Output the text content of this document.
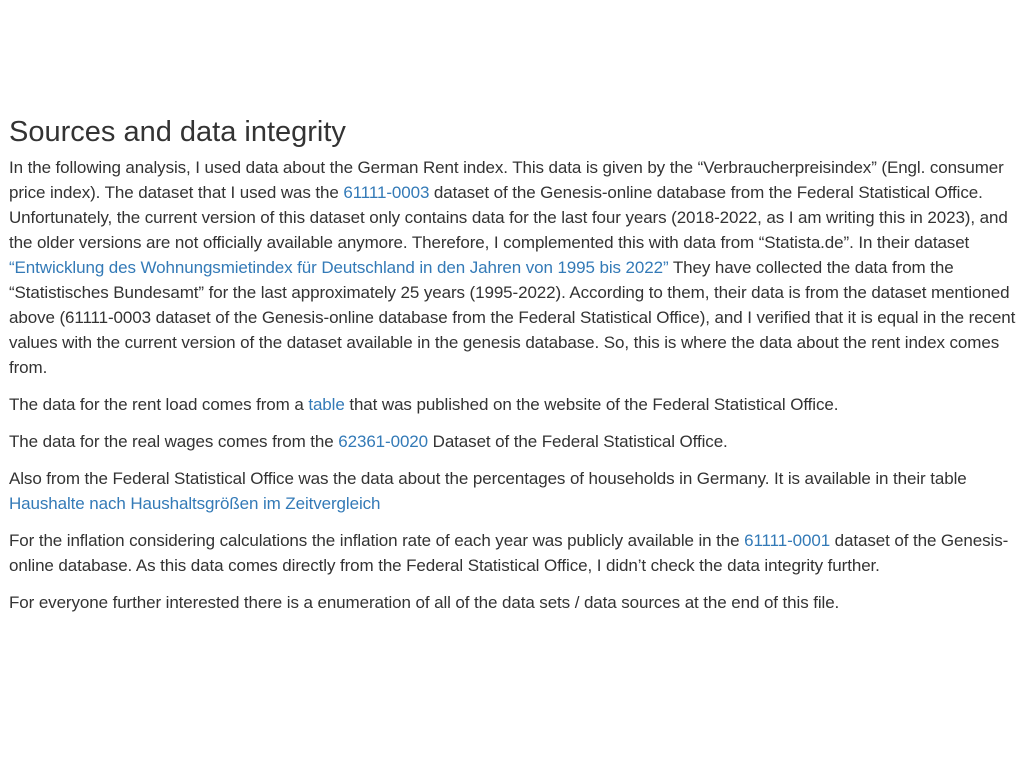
Sources and data integrity

In the following analysis, I used data about the German Rent index. This data is given by the “Verbraucherpreisindex” (Engl. consumer price index). The dataset that I used was the 61111-0003 dataset of the Genesis-online database from the Federal Statistical Office. Unfortunately, the current version of this dataset only contains data for the last four years (2018-2022, as I am writing this in 2023), and the older versions are not officially available anymore. Therefore, I complemented this with data from “Statista.de”. In their dataset “Entwicklung des Wohnungsmietindex für Deutschland in den Jahren von 1995 bis 2022” They have collected the data from the “Statistisches Bundesamt” for the last approximately 25 years (1995-2022). According to them, their data is from the dataset mentioned above (61111-0003 dataset of the Genesis-online database from the Federal Statistical Office), and I verified that it is equal in the recent values with the current version of the dataset available in the genesis database. So, this is where the data about the rent index comes from.

The data for the rent load comes from a table that was published on the website of the Federal Statistical Office.

The data for the real wages comes from the 62361-0020 Dataset of the Federal Statistical Office.

Also from the Federal Statistical Office was the data about the percentages of households in Germany. It is available in their table Haushalte nach Haushaltsgrößen im Zeitvergleich

For the inflation considering calculations the inflation rate of each year was publicly available in the 61111-0001 dataset of the Genesis-online database. As this data comes directly from the Federal Statistical Office, I didn’t check the data integrity further.

For everyone further interested there is a enumeration of all of the data sets / data sources at the end of this file.
